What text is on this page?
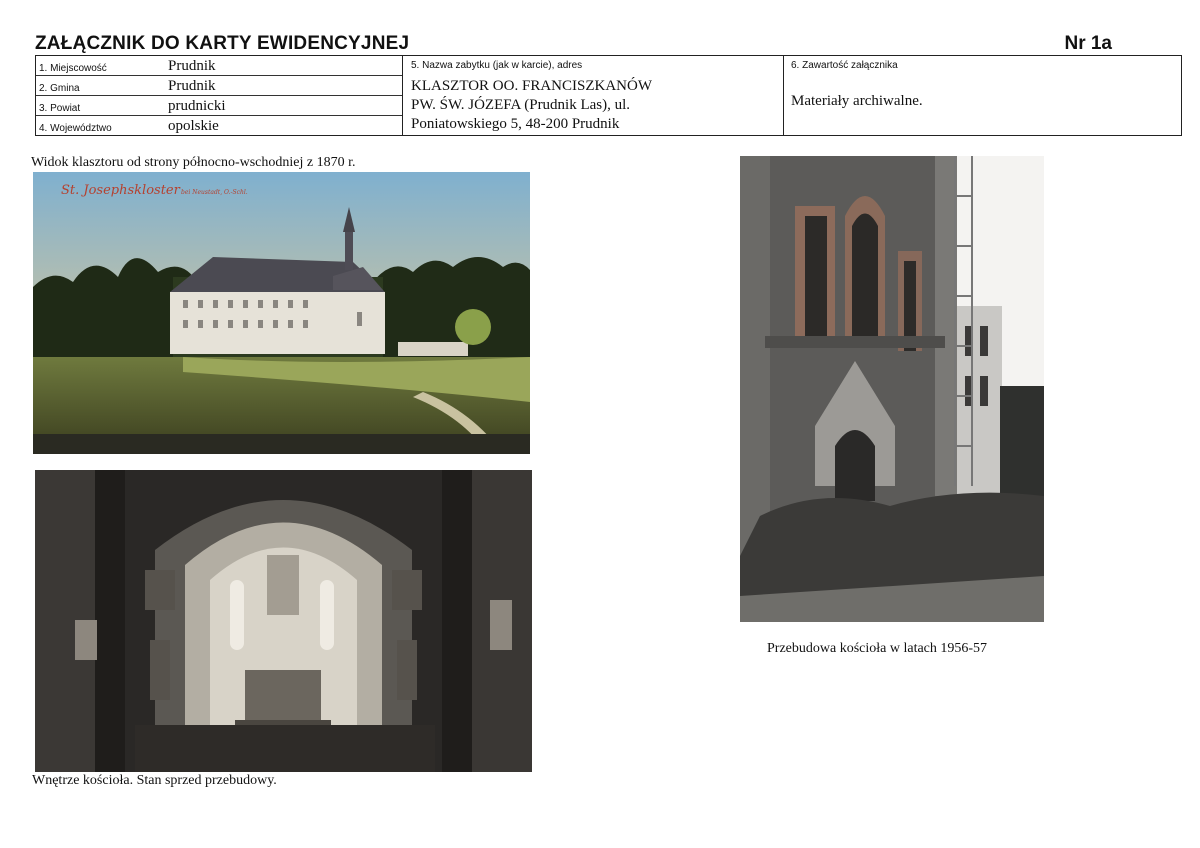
ZAŁĄCZNIK DO KARTY EWIDENCYJNEJ	Nr 1a
1. Miejscowość	Prudnik
2. Gmina	Prudnik
3. Powiat	prudnicki
4. Województwo	opolskie
5. Nazwa zabytku (jak w karcie), adres
KLASZTOR OO. FRANCISZKANÓW
PW. ŚW. JÓZEFA (Prudnik Las), ul.
Poniatowskiego 5, 48-200 Prudnik
6. Zawartość załącznika
Materiały archiwalne.
Widok klasztoru od strony północno-wschodniej z 1870 r.
St. Josephskloster bei Neustadt, O.-Schl.
Wnętrze kościoła. Stan sprzed przebudowy.
Przebudowa kościoła w latach 1956-57
